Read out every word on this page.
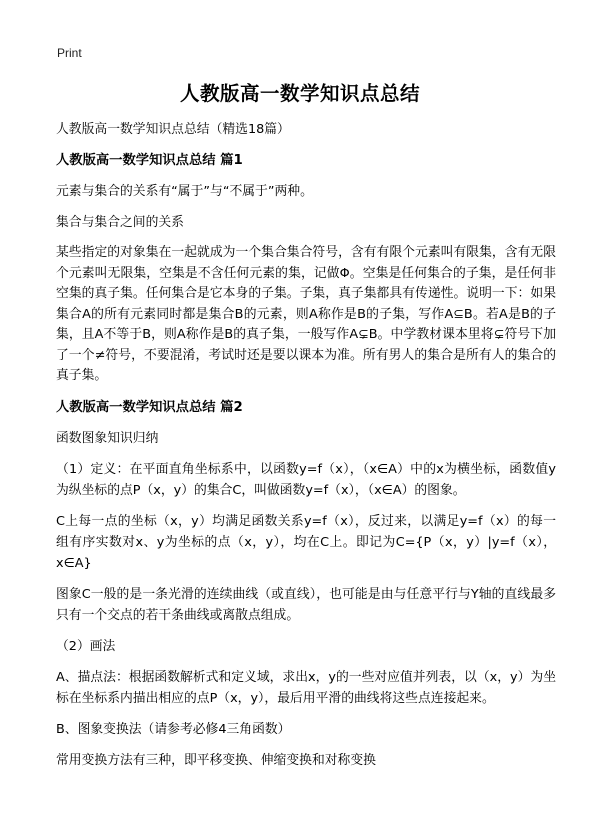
Print
人教版高一数学知识点总结

人教版高一数学知识点总结（精选18篇）

人教版高一数学知识点总结 篇1

元素与集合的关系有“属于”与“不属于”两种。

集合与集合之间的关系

某些指定的对象集在一起就成为一个集合集合符号，含有有限个元素叫有限集，含有无限个元素叫无限集，空集是不含任何元素的集，记做Φ。空集是任何集合的子集，是任何非空集的真子集。任何集合是它本身的子集。子集，真子集都具有传递性。说明一下：如果集合A的所有元素同时都是集合B的元素，则A称作是B的子集，写作A⊆B。若A是B的子集，且A不等于B，则A称作是B的真子集，一般写作A⊊B。中学教材课本里将⊊符号下加了一个≠符号，不要混淆，考试时还是要以课本为准。所有男人的集合是所有人的集合的真子集。

人教版高一数学知识点总结 篇2

函数图象知识归纳

（1）定义：在平面直角坐标系中，以函数y=f（x），（x∈A）中的x为横坐标，函数值y为纵坐标的点P（x，y）的集合C，叫做函数y=f（x），（x∈A）的图象。

C上每一点的坐标（x，y）均满足函数关系y=f（x），反过来，以满足y=f（x）的每一组有序实数对x、y为坐标的点（x，y），均在C上。即记为C={P（x，y）|y=f（x），x∈A}

图象C一般的是一条光滑的连续曲线（或直线），也可能是由与任意平行与Y轴的直线最多只有一个交点的若干条曲线或离散点组成。

（2）画法

A、描点法：根据函数解析式和定义域，求出x，y的一些对应值并列表，以（x，y）为坐标在坐标系内描出相应的点P（x，y），最后用平滑的曲线将这些点连接起来。

B、图象变换法（请参考必修4三角函数）

常用变换方法有三种，即平移变换、伸缩变换和对称变换
